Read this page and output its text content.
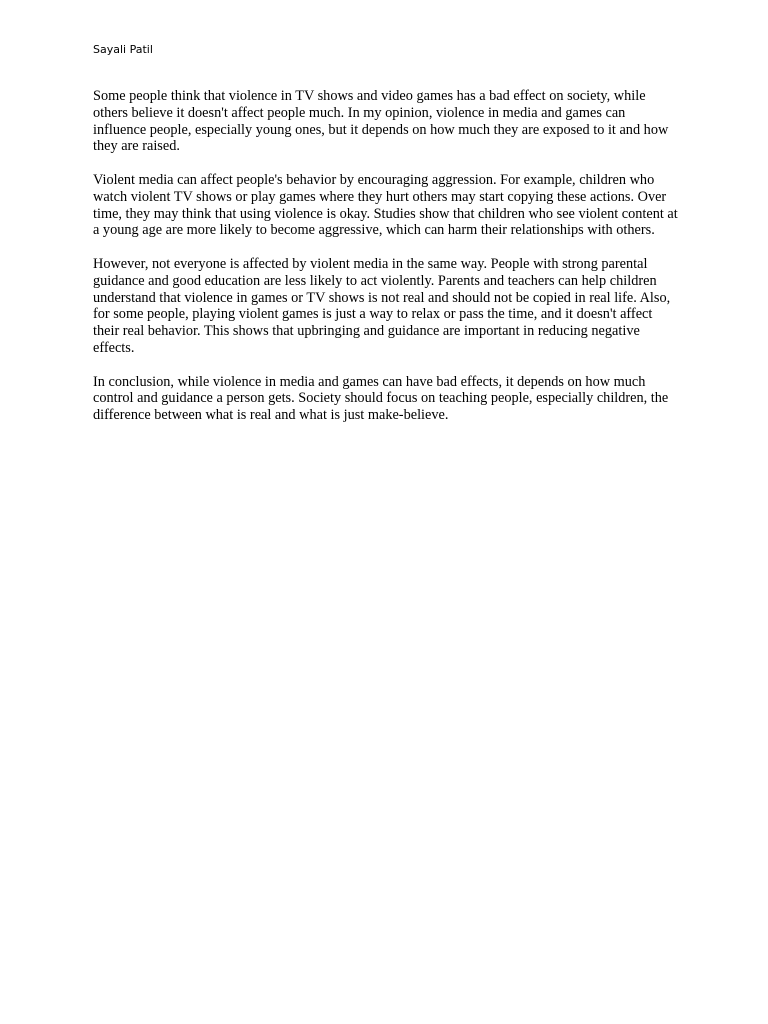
Sayali Patil

Some people think that violence in TV shows and video games has a bad effect on society, while others believe it doesn't affect people much. In my opinion, violence in media and games can influence people, especially young ones, but it depends on how much they are exposed to it and how they are raised.

Violent media can affect people's behavior by encouraging aggression. For example, children who watch violent TV shows or play games where they hurt others may start copying these actions. Over time, they may think that using violence is okay. Studies show that children who see violent content at a young age are more likely to become aggressive, which can harm their relationships with others.

However, not everyone is affected by violent media in the same way. People with strong parental guidance and good education are less likely to act violently. Parents and teachers can help children understand that violence in games or TV shows is not real and should not be copied in real life. Also, for some people, playing violent games is just a way to relax or pass the time, and it doesn't affect their real behavior. This shows that upbringing and guidance are important in reducing negative effects.

In conclusion, while violence in media and games can have bad effects, it depends on how much control and guidance a person gets. Society should focus on teaching people, especially children, the difference between what is real and what is just make-believe.
